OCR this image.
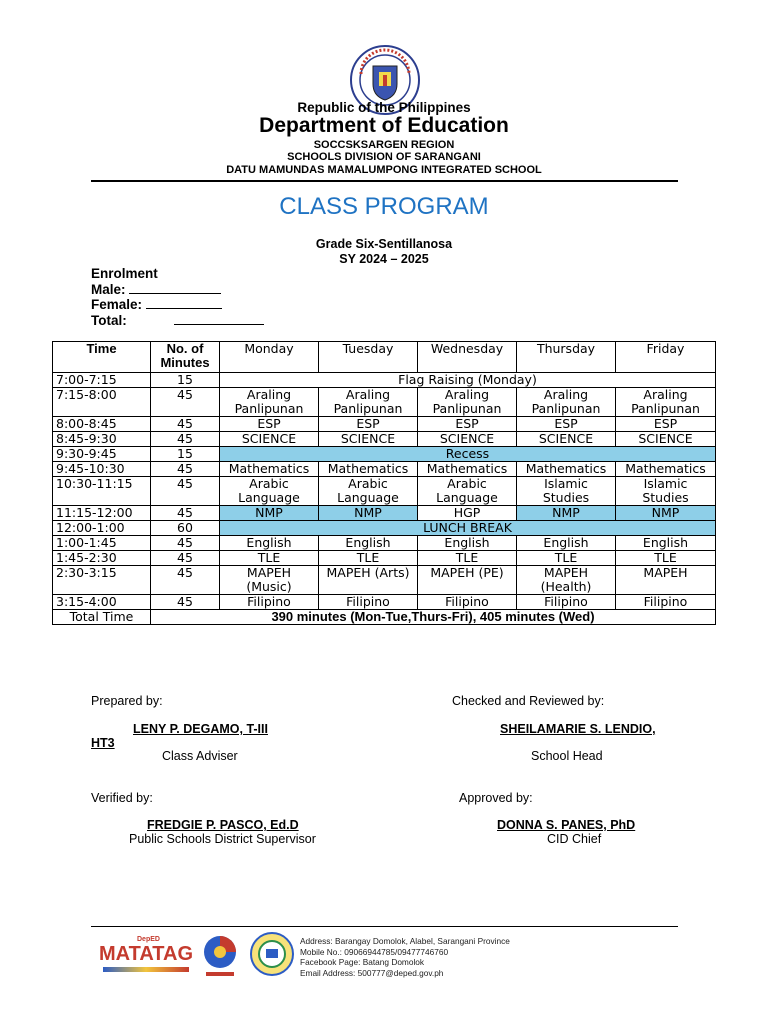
Republic of the Philippines
Department of Education
SOCCSKSARGEN REGION
SCHOOLS DIVISION OF SARANGANI
DATU MAMUNDAS MAMALUMPONG INTEGRATED SCHOOL
CLASS PROGRAM
Grade Six-Sentillanosa
SY 2024 – 2025
Enrolment
Male:
Female:
Total:
Time	No. of Minutes	Monday	Tuesday	Wednesday	Thursday	Friday
7:00-7:15	15	Flag Raising (Monday)				
7:15-8:00	45	Araling Panlipunan	Araling Panlipunan	Araling Panlipunan	Araling Panlipunan	Araling Panlipunan
8:00-8:45	45	ESP	ESP	ESP	ESP	ESP
8:45-9:30	45	SCIENCE	SCIENCE	SCIENCE	SCIENCE	SCIENCE
9:30-9:45	15	Recess				
9:45-10:30	45	Mathematics	Mathematics	Mathematics	Mathematics	Mathematics
10:30-11:15	45	Arabic Language	Arabic Language	Arabic Language	Islamic Studies	Islamic Studies
11:15-12:00	45	NMP	NMP	HGP	NMP	NMP
12:00-1:00	60	LUNCH BREAK				
1:00-1:45	45	English	English	English	English	English
1:45-2:30	45	TLE	TLE	TLE	TLE	TLE
2:30-3:15	45	MAPEH (Music)	MAPEH (Arts)	MAPEH (PE)	MAPEH (Health)	MAPEH
3:15-4:00	45	Filipino	Filipino	Filipino	Filipino	Filipino
Total Time	390 minutes (Mon-Tue,Thurs-Fri), 405 minutes (Wed)					
Prepared by:
LENY P. DEGAMO, T-III
Class Adviser
Checked and Reviewed by:
SHEILAMARIE S. LENDIO,
HT3
School Head
Verified by:
FREDGIE P. PASCO, Ed.D
Public Schools District Supervisor
Approved by:
DONNA S. PANES, PhD
CID Chief
DepED
MATATAG
Address: Barangay Domolok, Alabel, Sarangani Province
Mobile No.: 09066944785/09477746760
Facebook Page: Batang Domolok
Email Address: 500777@deped.gov.ph
